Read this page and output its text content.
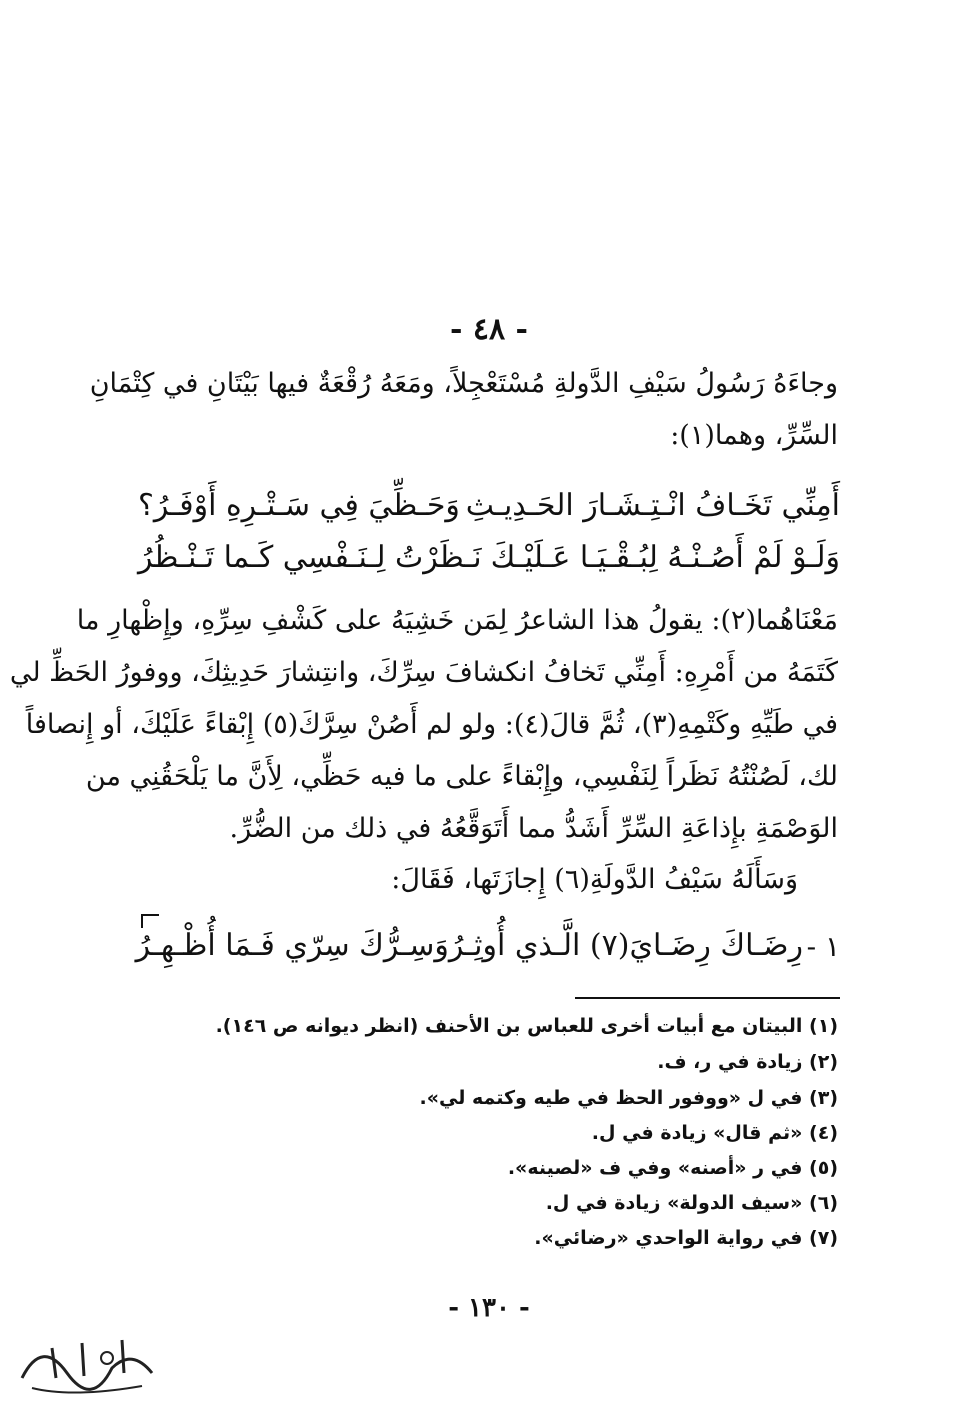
- ٤٨ -
وجاءَهُ رَسُولُ سَيْفِ الدَّولةِ مُسْتَعْجِلاً، ومَعَهُ رُقْعَةٌ فيها بَيْتَانِ في كِتْمَانِ
السِّرِّ، وهما(١):
أَمِنِّي تَخَـافُ انْـتِـشَـارَ الحَـدِيـثِ
وَحَـظِّيَ فِي سَـتْـرِهِ أَوْفَـرُ؟
وَلَـوْ لَمْ أَصُـنْـهُ لِبُـقْـيَـا عَـلَيْـكَ
نَـظَرْتُ لِـنَـفْسِي كَـما تَـنْـظُرُ
مَعْنَاهُما(٢): يقولُ هذا الشاعرُ لِمَن خَشِيَهُ على كَشْفِ سِرِّهِ، وإِظْهارِ ما
كَتَمَهُ من أَمْرِهِ: أَمِنِّي تَخافُ انكشافَ سِرِّكَ، وانتِشارَ حَدِيثِكَ، ووفورُ الحَظِّ لي
في طَيِّهِ وكَتْمِهِ(٣)، ثُمَّ قالَ(٤): ولو لم أَصُنْ سِرَّكَ(٥) إِبْقاءً عَلَيْكَ، أو إِنصافاً
لك، لَصُنْتُهُ نَظَراً لِنَفْسِي، وإِبْقاءً على ما فيه حَظِّي، لِأَنَّ ما يَلْحَقُنِي من
الوَصْمَةِ بإِذاعَةِ السِّرِّ أَشَدُّ مما أَتَوَقَّعُهُ في ذلك من الضُّرِّ.
وَسَأَلَهُ سَيْفُ الدَّولَةِ(٦) إِجازَتَها، فَقَالَ:
رِضَـاكَ رِضَـايَ(٧) الَّـذي أُوثِـرُ
وَسِـرُّكَ سِرّي فَـمَا أُظْـهِـرُ	١ -
(١) البيتان مع أبيات أخرى للعباس بن الأحنف (انظر ديوانه ص ١٤٦).
(٢) زيادة في ر، ف.
(٣) في ل «ووفور الحظ في طيه وكتمه لي».
(٤) «ثم قال» زيادة في ل.
(٥) في ر «أصنه» وفي ف «لصينه».
(٦) «سيف الدولة» زيادة في ل.
(٧) في رواية الواحدي «رضائي».
- ١٣٠ -
